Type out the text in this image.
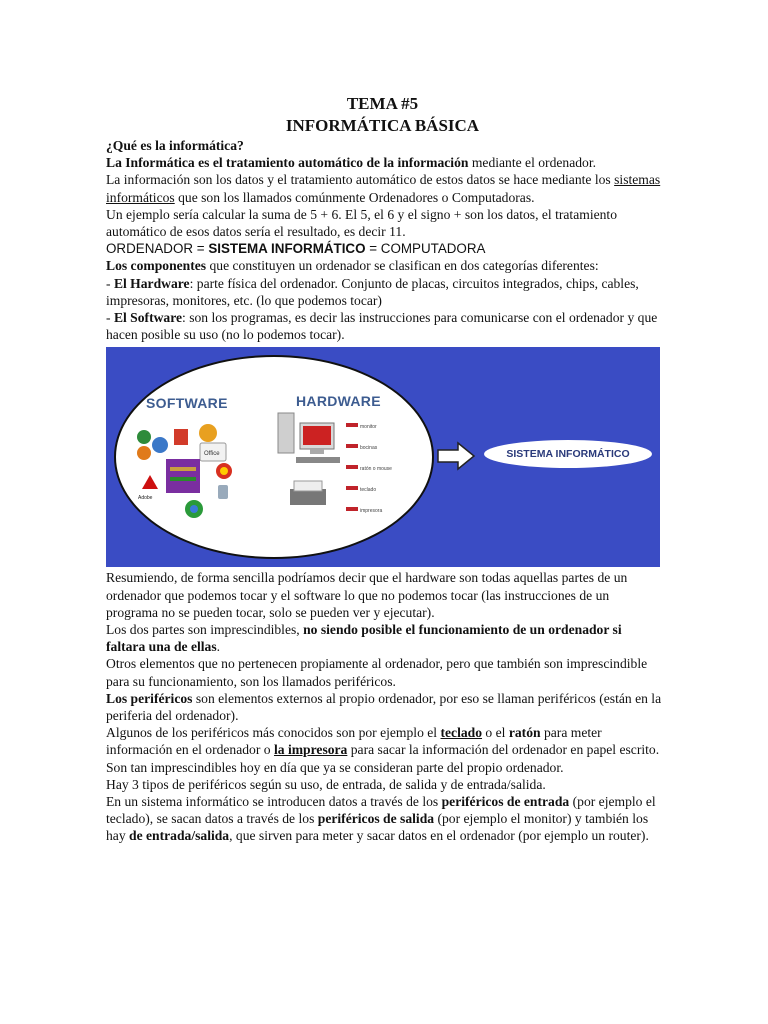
TEMA #5
INFORMÁTICA BÁSICA

¿Qué es la informática?

La Informática es el tratamiento automático de la información mediante el ordenador.

La información son los datos y el tratamiento automático de estos datos se hace mediante los sistemas informáticos que son los llamados comúnmente Ordenadores o Computadoras.

Un ejemplo sería calcular la suma de 5 + 6. El 5, el 6 y el signo + son los datos, el tratamiento automático de esos datos sería el resultado, es decir 11.

ORDENADOR = SISTEMA INFORMÁTICO = COMPUTADORA

Los componentes que constituyen un ordenador se clasifican en dos categorías diferentes:

- El Hardware: parte física del ordenador. Conjunto de placas, circuitos integrados, chips, cables, impresoras, monitores, etc. (lo que podemos tocar)

- El Software: son los programas, es decir las instrucciones para comunicarse con el ordenador y que hacen posible su uso (no lo podemos tocar).

SOFTWARE	HARDWARE
Office
Adobe
monitor
bocinas
ratón o mouse
teclado
impresora
SISTEMA INFORMÁTICO

Resumiendo, de forma sencilla podríamos decir que el hardware son todas aquellas partes de un ordenador que podemos tocar y el software lo que no podemos tocar (las instrucciones de un programa no se pueden tocar, solo se pueden ver y ejecutar).

Los dos partes son imprescindibles, no siendo posible el funcionamiento de un ordenador si faltara una de ellas.

Otros elementos que no pertenecen propiamente al ordenador, pero que también son imprescindible para su funcionamiento, son los llamados periféricos.

Los periféricos son elementos externos al propio ordenador, por eso se llaman periféricos (están en la periferia del ordenador).

Algunos de los periféricos más conocidos son por ejemplo el teclado o el ratón para meter información en el ordenador o la impresora para sacar la información del ordenador en papel escrito.

Son tan imprescindibles hoy en día que ya se consideran parte del propio ordenador.

Hay 3 tipos de periféricos según su uso, de entrada, de salida y de entrada/salida.

En un sistema informático se introducen datos a través de los periféricos de entrada (por ejemplo el teclado), se sacan datos a través de los periféricos de salida (por ejemplo el monitor) y también los hay de entrada/salida, que sirven para meter y sacar datos en el ordenador (por ejemplo un router).
